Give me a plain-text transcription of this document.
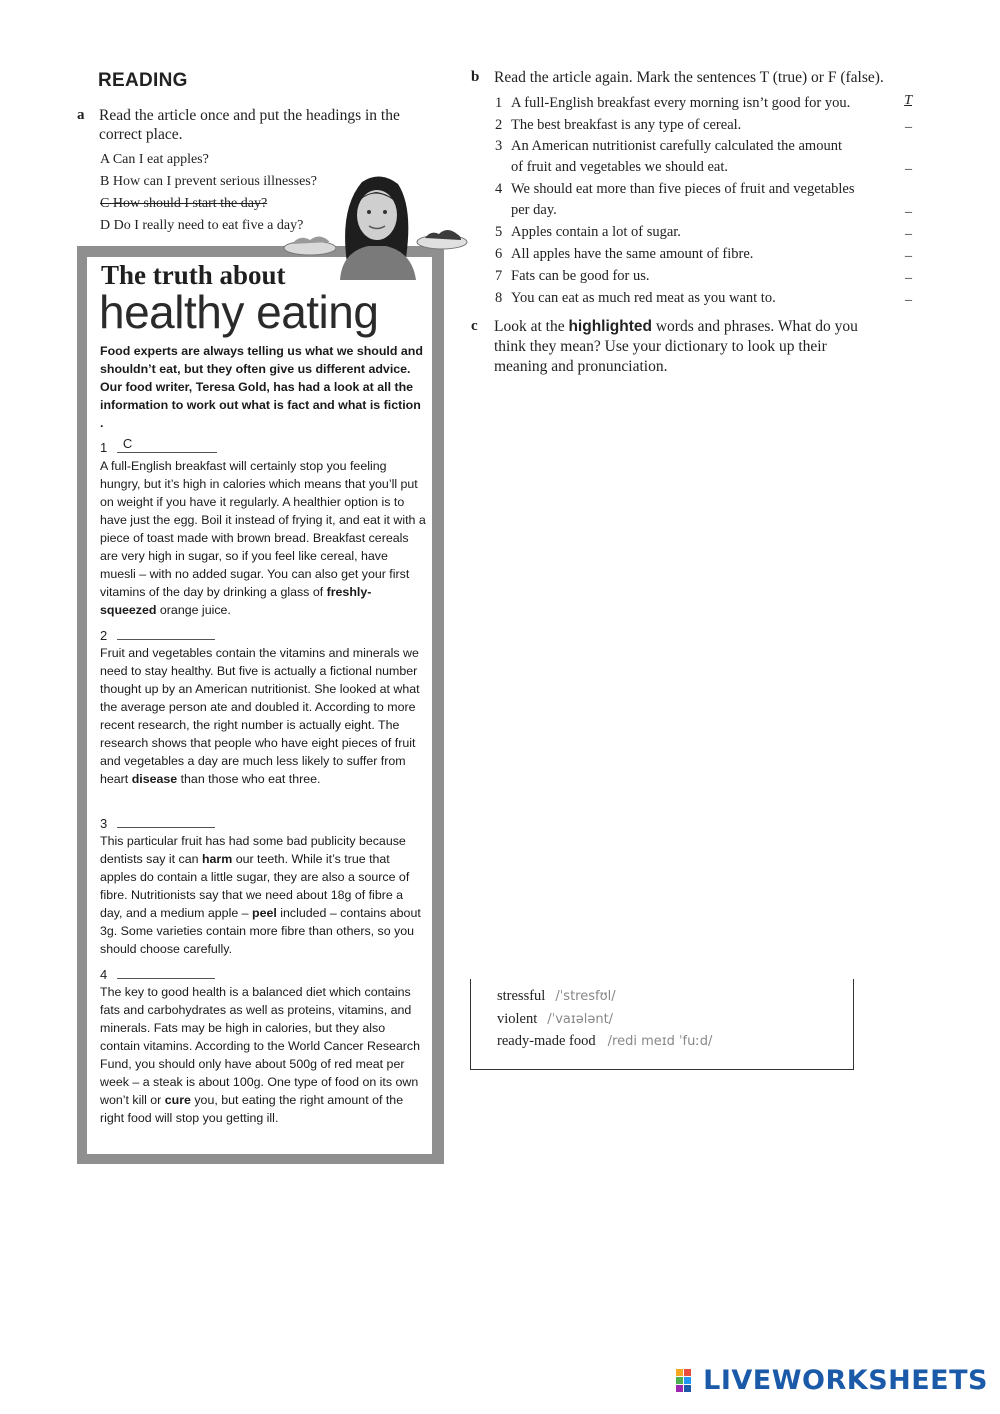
READING
a Read the article once and put the headings in the correct place.
A Can I eat apples?
B How can I prevent serious illnesses?
C How should I start the day?
D Do I really need to eat five a day?
The truth about
healthy eating
Food experts are always telling us what we should and shouldn’t eat, but they often give us different advice. Our food writer, Teresa Gold, has had a look at all the information to work out what is fact and what is fiction .
1 C
A full-English breakfast will certainly stop you feeling hungry, but it’s high in calories which means that you’ll put on weight if you have it regularly. A healthier option is to have just the egg. Boil it instead of frying it, and eat it with a piece of toast made with brown bread. Breakfast cereals are very high in sugar, so if you feel like cereal, have muesli – with no added sugar. You can also get your first vitamins of the day by drinking a glass of freshly-squeezed orange juice.
2
Fruit and vegetables contain the vitamins and minerals we need to stay healthy. But five is actually a fictional number thought up by an American nutritionist. She looked at what the average person ate and doubled it. According to more recent research, the right number is actually eight. The research shows that people who have eight pieces of fruit and vegetables a day are much less likely to suffer from heart disease than those who eat three.
3
This particular fruit has had some bad publicity because dentists say it can harm our teeth. While it’s true that apples do contain a little sugar, they are also a source of fibre. Nutritionists say that we need about 18g of fibre a day, and a medium apple – peel included – contains about 3g. Some varieties contain more fibre than others, so you should choose carefully.
4
The key to good health is a balanced diet which contains fats and carbohydrates as well as proteins, vitamins, and minerals. Fats may be high in calories, but they also contain vitamins. According to the World Cancer Research Fund, you should only have about 500g of red meat per week – a steak is about 100g. One type of food on its own won’t kill or cure you, but eating the right amount of the right food will stop you getting ill.
b Read the article again. Mark the sentences T (true) or F (false).
1 A full-English breakfast every morning isn’t good for you.	T
2 The best breakfast is any type of cereal.	_
3 An American nutritionist carefully calculated the amount
of fruit and vegetables we should eat.	_
4 We should eat more than five pieces of fruit and vegetables
per day.	_
5 Apples contain a lot of sugar.	_
6 All apples have the same amount of fibre.	_
7 Fats can be good for us.	_
8 You can eat as much red meat as you want to.	_
c Look at the highlighted words and phrases. What do you
think they mean? Use your dictionary to look up their
meaning and pronunciation.
stressful /ˈstresfʊl/
violent /ˈvaɪələnt/
ready-made food /redi meɪd ˈfuːd/
LIVEWORKSHEETS
